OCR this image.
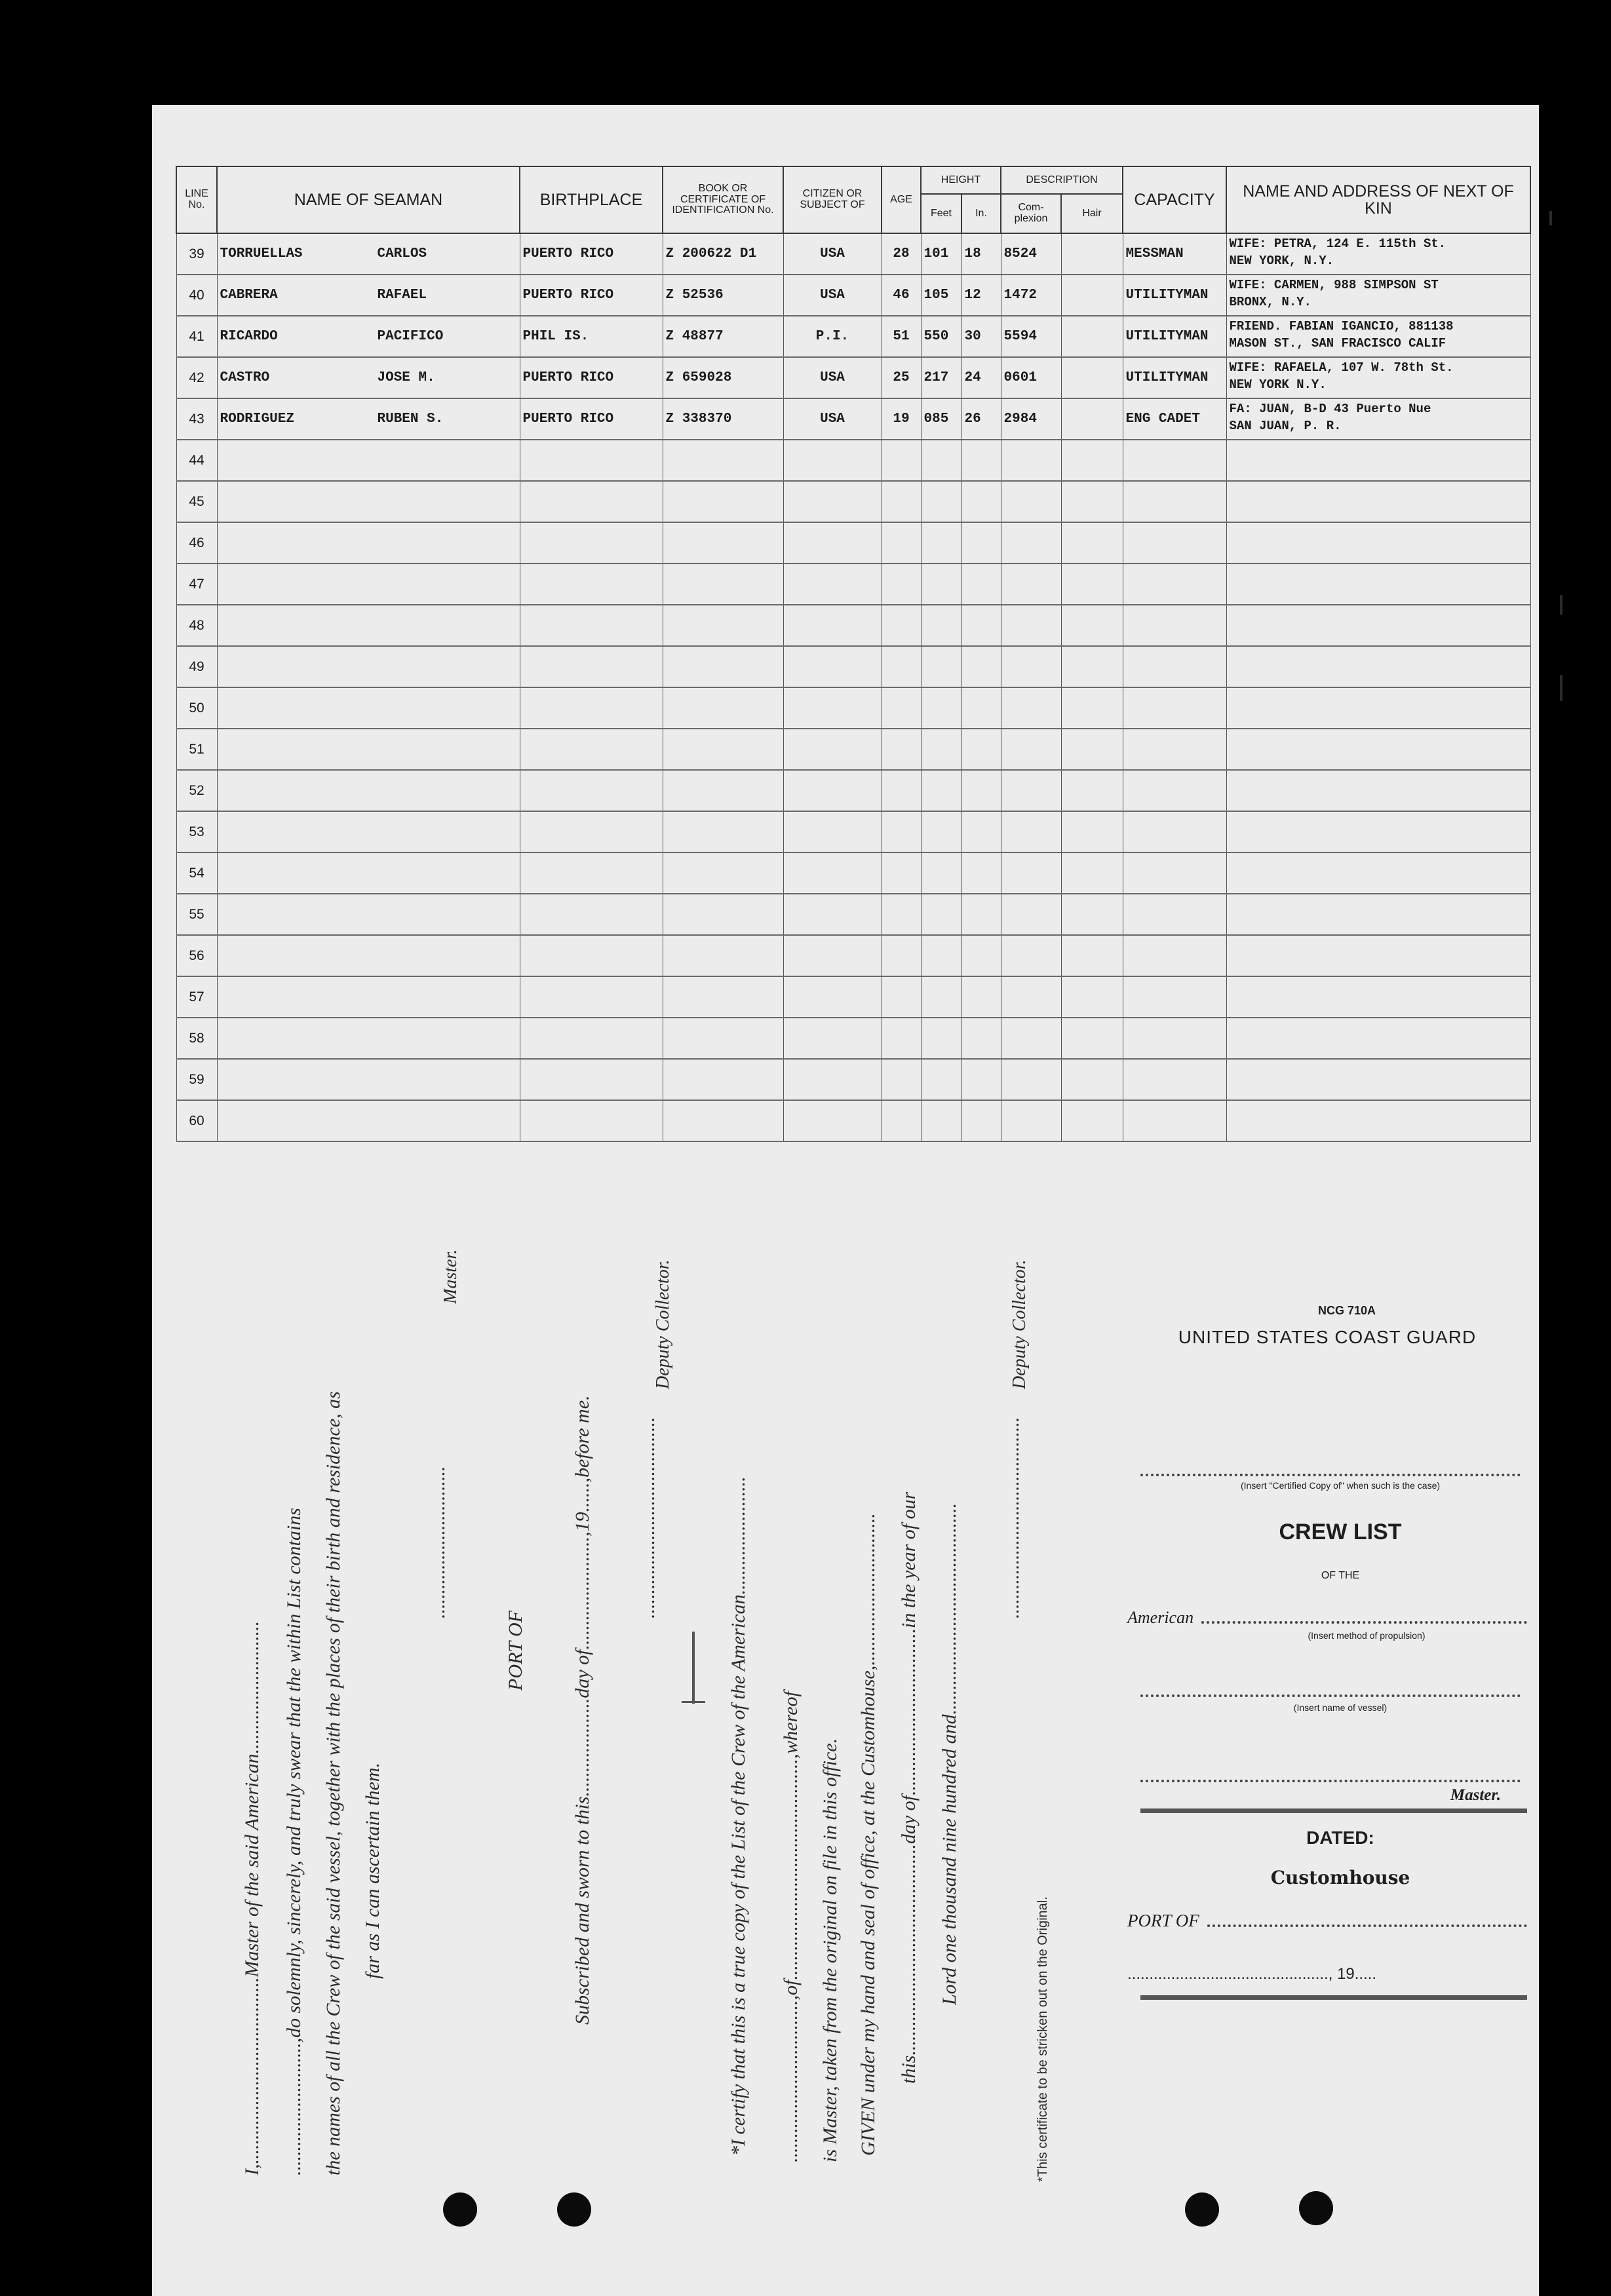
LINE No.	NAME OF SEAMAN	BIRTHPLACE	BOOK OR CERTIFICATE OF IDENTIFICATION No.	CITIZEN OR SUBJECT OF	AGE	HEIGHT		DESCRIPTION		CAPACITY	NAME AND ADDRESS OF NEXT OF KIN
						Feet	In.	Com-plexion	Hair		
39	TORRUELLAS CARLOS	PUERTO RICO	Z 200622 D1	USA	28	101	18	8524		MESSMAN	WIFE: PETRA, 124 E. 115th St.
NEW YORK, N.Y.
40	CABRERA RAFAEL	PUERTO RICO	Z 52536	USA	46	105	12	1472		UTILITYMAN	WIFE: CARMEN, 988 SIMPSON ST
BRONX, N.Y.
41	RICARDO PACIFICO	PHIL IS.	Z 48877	P.I.	51	550	30	5594		UTILITYMAN	FRIEND. FABIAN IGANCIO, 881138
MASON ST., SAN FRACISCO CALIF
42	CASTRO JOSE M.	PUERTO RICO	Z 659028	USA	25	217	24	0601		UTILITYMAN	WIFE: RAFAELA, 107 W. 78th St.
NEW YORK N.Y.
43	RODRIGUEZ RUBEN S.	PUERTO RICO	Z 338370	USA	19	085	26	2984		ENG CADET	FA: JUAN, B-D 43 Puerto Nue
SAN JUAN, P. R.
44											
45											
46											
47											
48											
49											
50											
51											
52											
53											
54											
55											
56											
57											
58											
59											
60											
I,......................................Master of the said American........................... ...........................,do solemnly, sincerely, and truly swear that the within List contains the names of all the Crew of the said vessel, together with the places of their birth and residence, as far as I can ascertain them.
...............................
Master.
PORT OF Subscribed and sworn to this....................day of.......................,19......,before me. .........................................
Deputy Collector.
*I certify that this is a true copy of the List of the Crew of the American........................ .................................,of.............................................,whereof is Master, taken from the original on file in this office. GIVEN under my hand and seal of office, at the Customhouse,............................... this...........................................day of..................................in the year of our Lord one thousand nine hundred and........................................... .........................................
Deputy Collector.
*This certificate to be stricken out on the Original.
NCG 710A
UNITED STATES COAST GUARD
(Insert "Certified Copy of" when such is the case)
CREW LIST
OF THE
American
(Insert method of propulsion)
(Insert name of vessel)
Master.
DATED:
Customhouse
PORT OF
.............................................., 19.....
